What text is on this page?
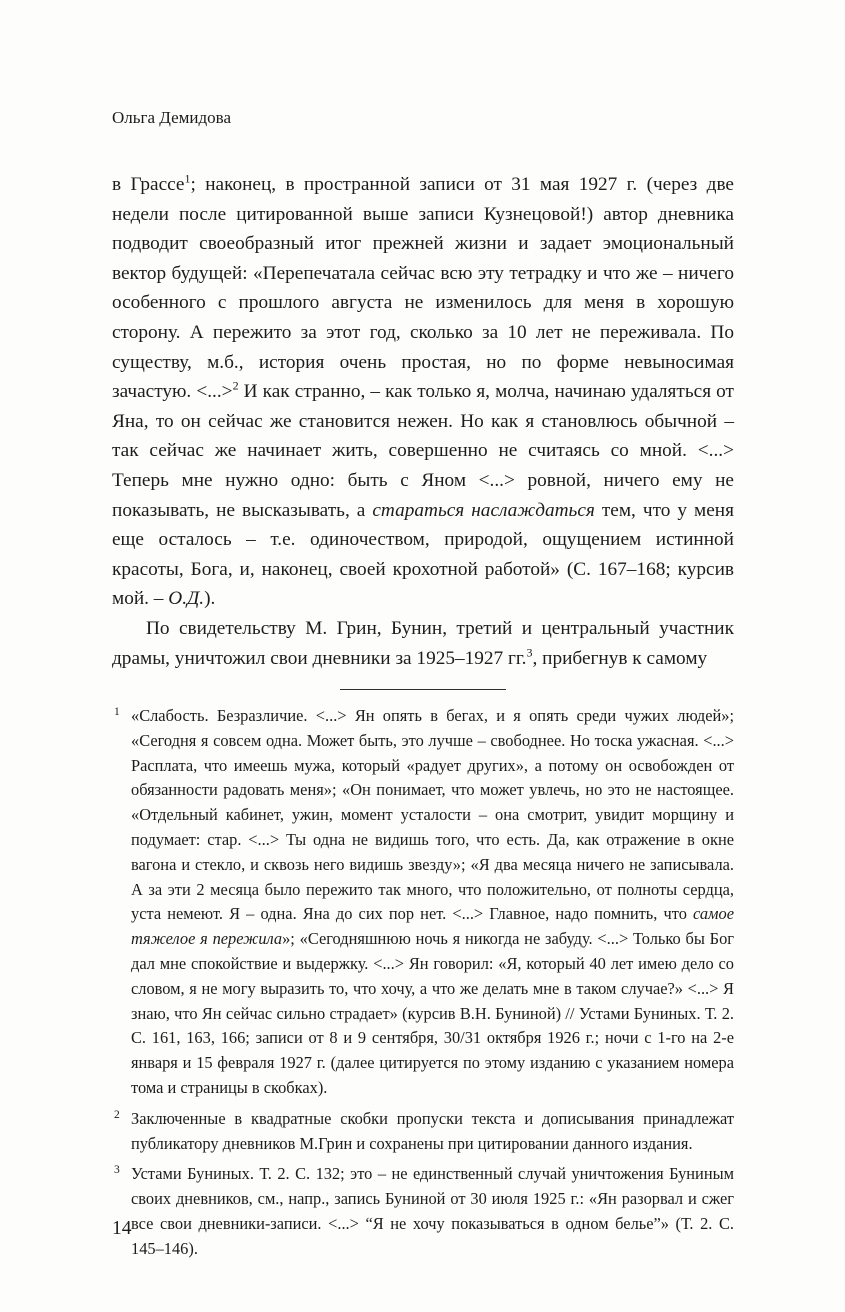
Ольга Демидова

в Грассе$^1$; наконец, в пространной записи от 31 мая 1927 г. (через две недели после цитированной выше записи Кузнецовой!) автор дневника подводит своеобразный итог прежней жизни и задает эмоциональный вектор будущей: «Перепечатала сейчас всю эту тетрадку и что же – ничего особенного с прошлого августа не изменилось для меня в хорошую сторону. А пережито за этот год, сколько за 10 лет не переживала. По существу, м.б., история очень простая, но по форме невыносимая зачастую. <...>$^2$ И как странно, – как только я, молча, начинаю удаляться от Яна, то он сейчас же становится нежен. Но как я становлюсь обычной – так сейчас же начинает жить, совершенно не считаясь со мной. <...> Теперь мне нужно одно: быть с Яном <...> ровной, ничего ему не показывать, не высказывать, а стараться наслаждаться тем, что у меня еще осталось – т.е. одиночеством, природой, ощущением истинной красоты, Бога, и, наконец, своей крохотной работой» (С. 167–168; курсив мой. – О.Д.).

По свидетельству М. Грин, Бунин, третий и центральный участник драмы, уничтожил свои дневники за 1925–1927 гг.$^3$, прибегнув к самому

1 «Слабость. Безразличие. <...> Ян опять в бегах, и я опять среди чужих людей»; «Сегодня я совсем одна. Может быть, это лучше – свободнее. Но тоска ужасная. <...> Расплата, что имеешь мужа, который «радует других», а потому он освобожден от обязанности радовать меня»; «Он понимает, что может увлечь, но это не настоящее. «Отдельный кабинет, ужин, момент усталости – она смотрит, увидит морщину и подумает: стар. <...> Ты одна не видишь того, что есть. Да, как отражение в окне вагона и стекло, и сквозь него видишь звезду»; «Я два месяца ничего не записывала. А за эти 2 месяца было пережито так много, что положительно, от полноты сердца, уста немеют. Я – одна. Яна до сих пор нет. <...> Главное, надо помнить, что самое тяжелое я пережила»; «Сегодняшнюю ночь я никогда не забуду. <...> Только бы Бог дал мне спокойствие и выдержку. <...> Ян говорил: «Я, который 40 лет имею дело со словом, я не могу выразить то, что хочу, а что же делать мне в таком случае?» <...> Я знаю, что Ян сейчас сильно страдает» (курсив В.Н. Буниной) // Устами Буниных. Т. 2. С. 161, 163, 166; записи от 8 и 9 сентября, 30/31 октября 1926 г.; ночи с 1-го на 2-е января и 15 февраля 1927 г. (далее цитируется по этому изданию с указанием номера тома и страницы в скобках).

2 Заключенные в квадратные скобки пропуски текста и дописывания принадлежат публикатору дневников М.Грин и сохранены при цитировании данного издания.

3 Устами Буниных. Т. 2. С. 132; это – не единственный случай уничтожения Буниным своих дневников, см., напр., запись Буниной от 30 июля 1925 г.: «Ян разорвал и сжег все свои дневники-записи. <...> “Я не хочу показываться в одном белье”» (Т. 2. С. 145–146).

14
